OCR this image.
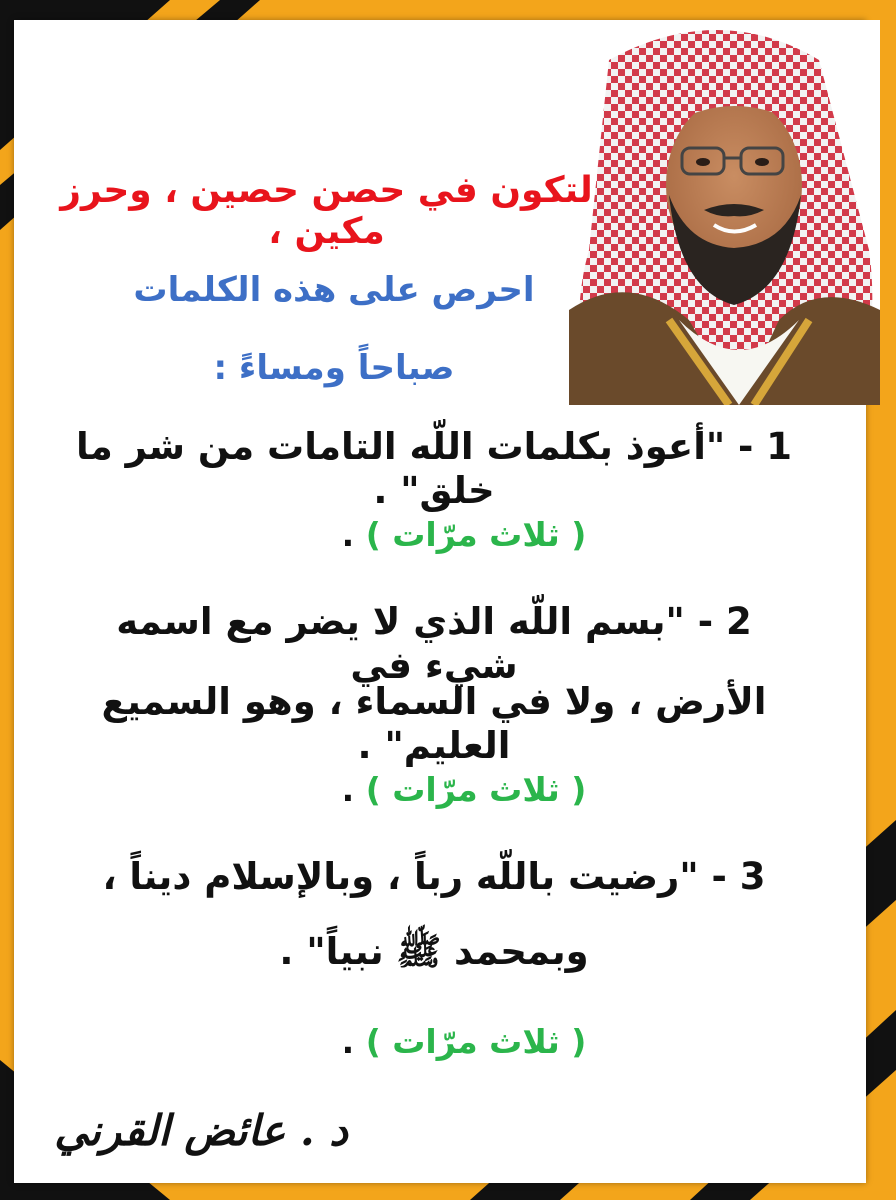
لتكون في حصن حصين ، وحرز مكين ،
احرص على هذه الكلمات
صباحاً ومساءً :
1 - "أعوذ بكلمات اللّه التامات من شر ما خلق" .
( ثلاث مرّات ) .
2 - "بسم اللّه الذي لا يضر مع اسمه شيء في
الأرض ، ولا في السماء ، وهو السميع العليم" .
( ثلاث مرّات ) .
3 - "رضيت باللّه رباً ، وبالإسلام ديناً ،
وبمحمد ﷺ نبياً" .
( ثلاث مرّات ) .
د . عائض القرني
